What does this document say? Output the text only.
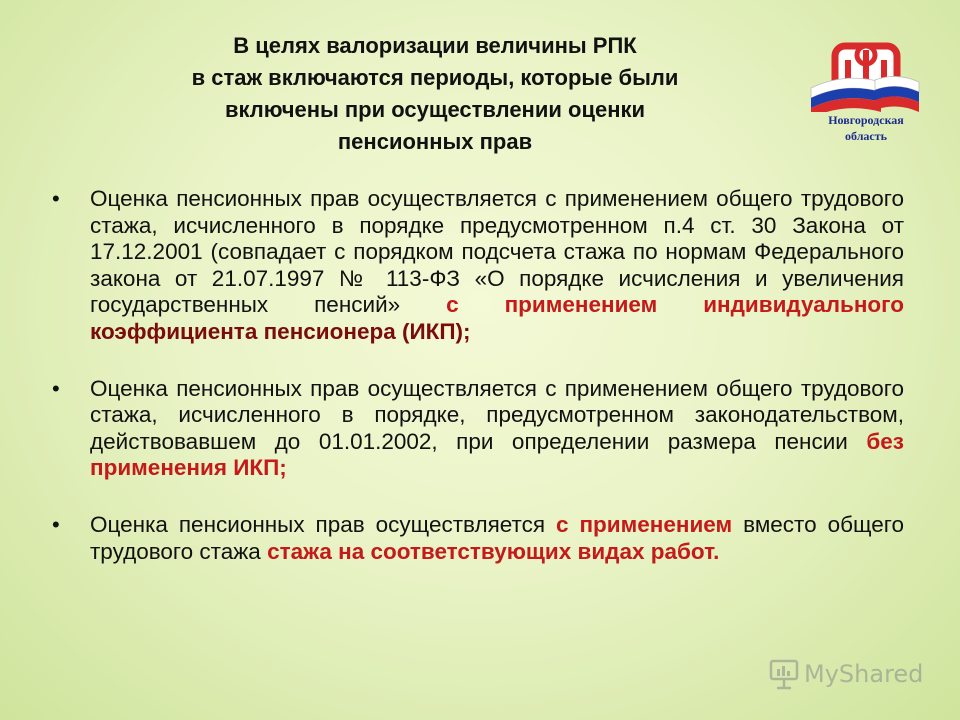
В целях валоризации величины РПК
в стаж включаются периоды, которые были
включены при осуществлении оценки
пенсионных прав
Новгородская
область
• Оценка пенсионных прав осуществляется с применением общего трудового стажа, исчисленного в порядке предусмотренном п.4 ст. 30 Закона от 17.12.2001 (совпадает с порядком подсчета стажа по нормам Федерального закона от 21.07.1997 № 113-ФЗ «О порядке исчисления и увеличения государственных пенсий» с применением индивидуального коэффициента пенсионера (ИКП);
• Оценка пенсионных прав осуществляется с применением общего трудового стажа, исчисленного в порядке, предусмотренном законодательством, действовавшем до 01.01.2002, при определении размера пенсии без применения ИКП;
• Оценка пенсионных прав осуществляется с применением вместо общего трудового стажа стажа на соответствующих видах работ.
MyShared
